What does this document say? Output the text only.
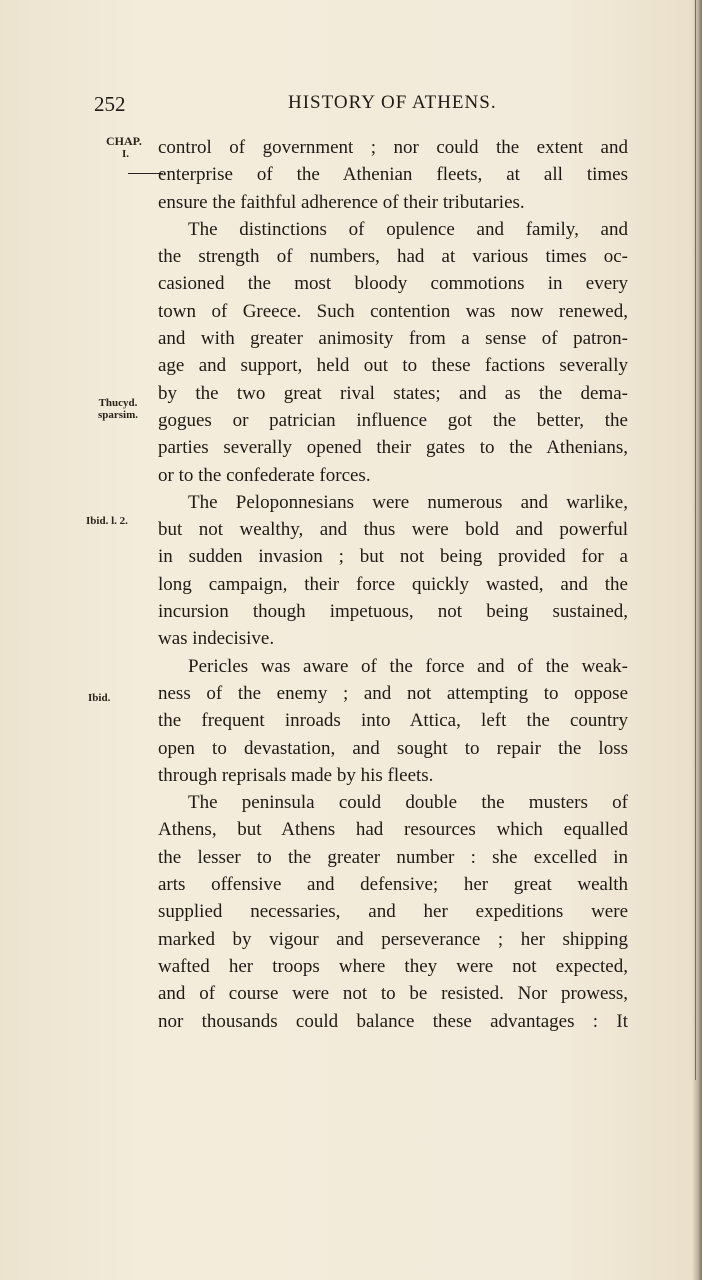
252	HISTORY OF ATHENS.
CHAP.
I.
Thucyd.
sparsim.
Ibid. l. 2.
Ibid.
control of government ; nor could the extent and
enterprise of the Athenian fleets, at all times
ensure the faithful adherence of their tributaries.
The distinctions of opulence and family, and
the strength of numbers, had at various times oc-
casioned the most bloody commotions in every
town of Greece. Such contention was now renewed,
and with greater animosity from a sense of patron-
age and support, held out to these factions severally
by the two great rival states; and as the dema-
gogues or patrician influence got the better, the
parties severally opened their gates to the Athenians,
or to the confederate forces.
The Peloponnesians were numerous and warlike,
but not wealthy, and thus were bold and powerful
in sudden invasion ; but not being provided for a
long campaign, their force quickly wasted, and the
incursion though impetuous, not being sustained,
was indecisive.
Pericles was aware of the force and of the weak-
ness of the enemy ; and not attempting to oppose
the frequent inroads into Attica, left the country
open to devastation, and sought to repair the loss
through reprisals made by his fleets.
The peninsula could double the musters of
Athens, but Athens had resources which equalled
the lesser to the greater number : she excelled in
arts offensive and defensive; her great wealth
supplied necessaries, and her expeditions were
marked by vigour and perseverance ; her shipping
wafted her troops where they were not expected,
and of course were not to be resisted. Nor prowess,
nor thousands could balance these advantages : It
